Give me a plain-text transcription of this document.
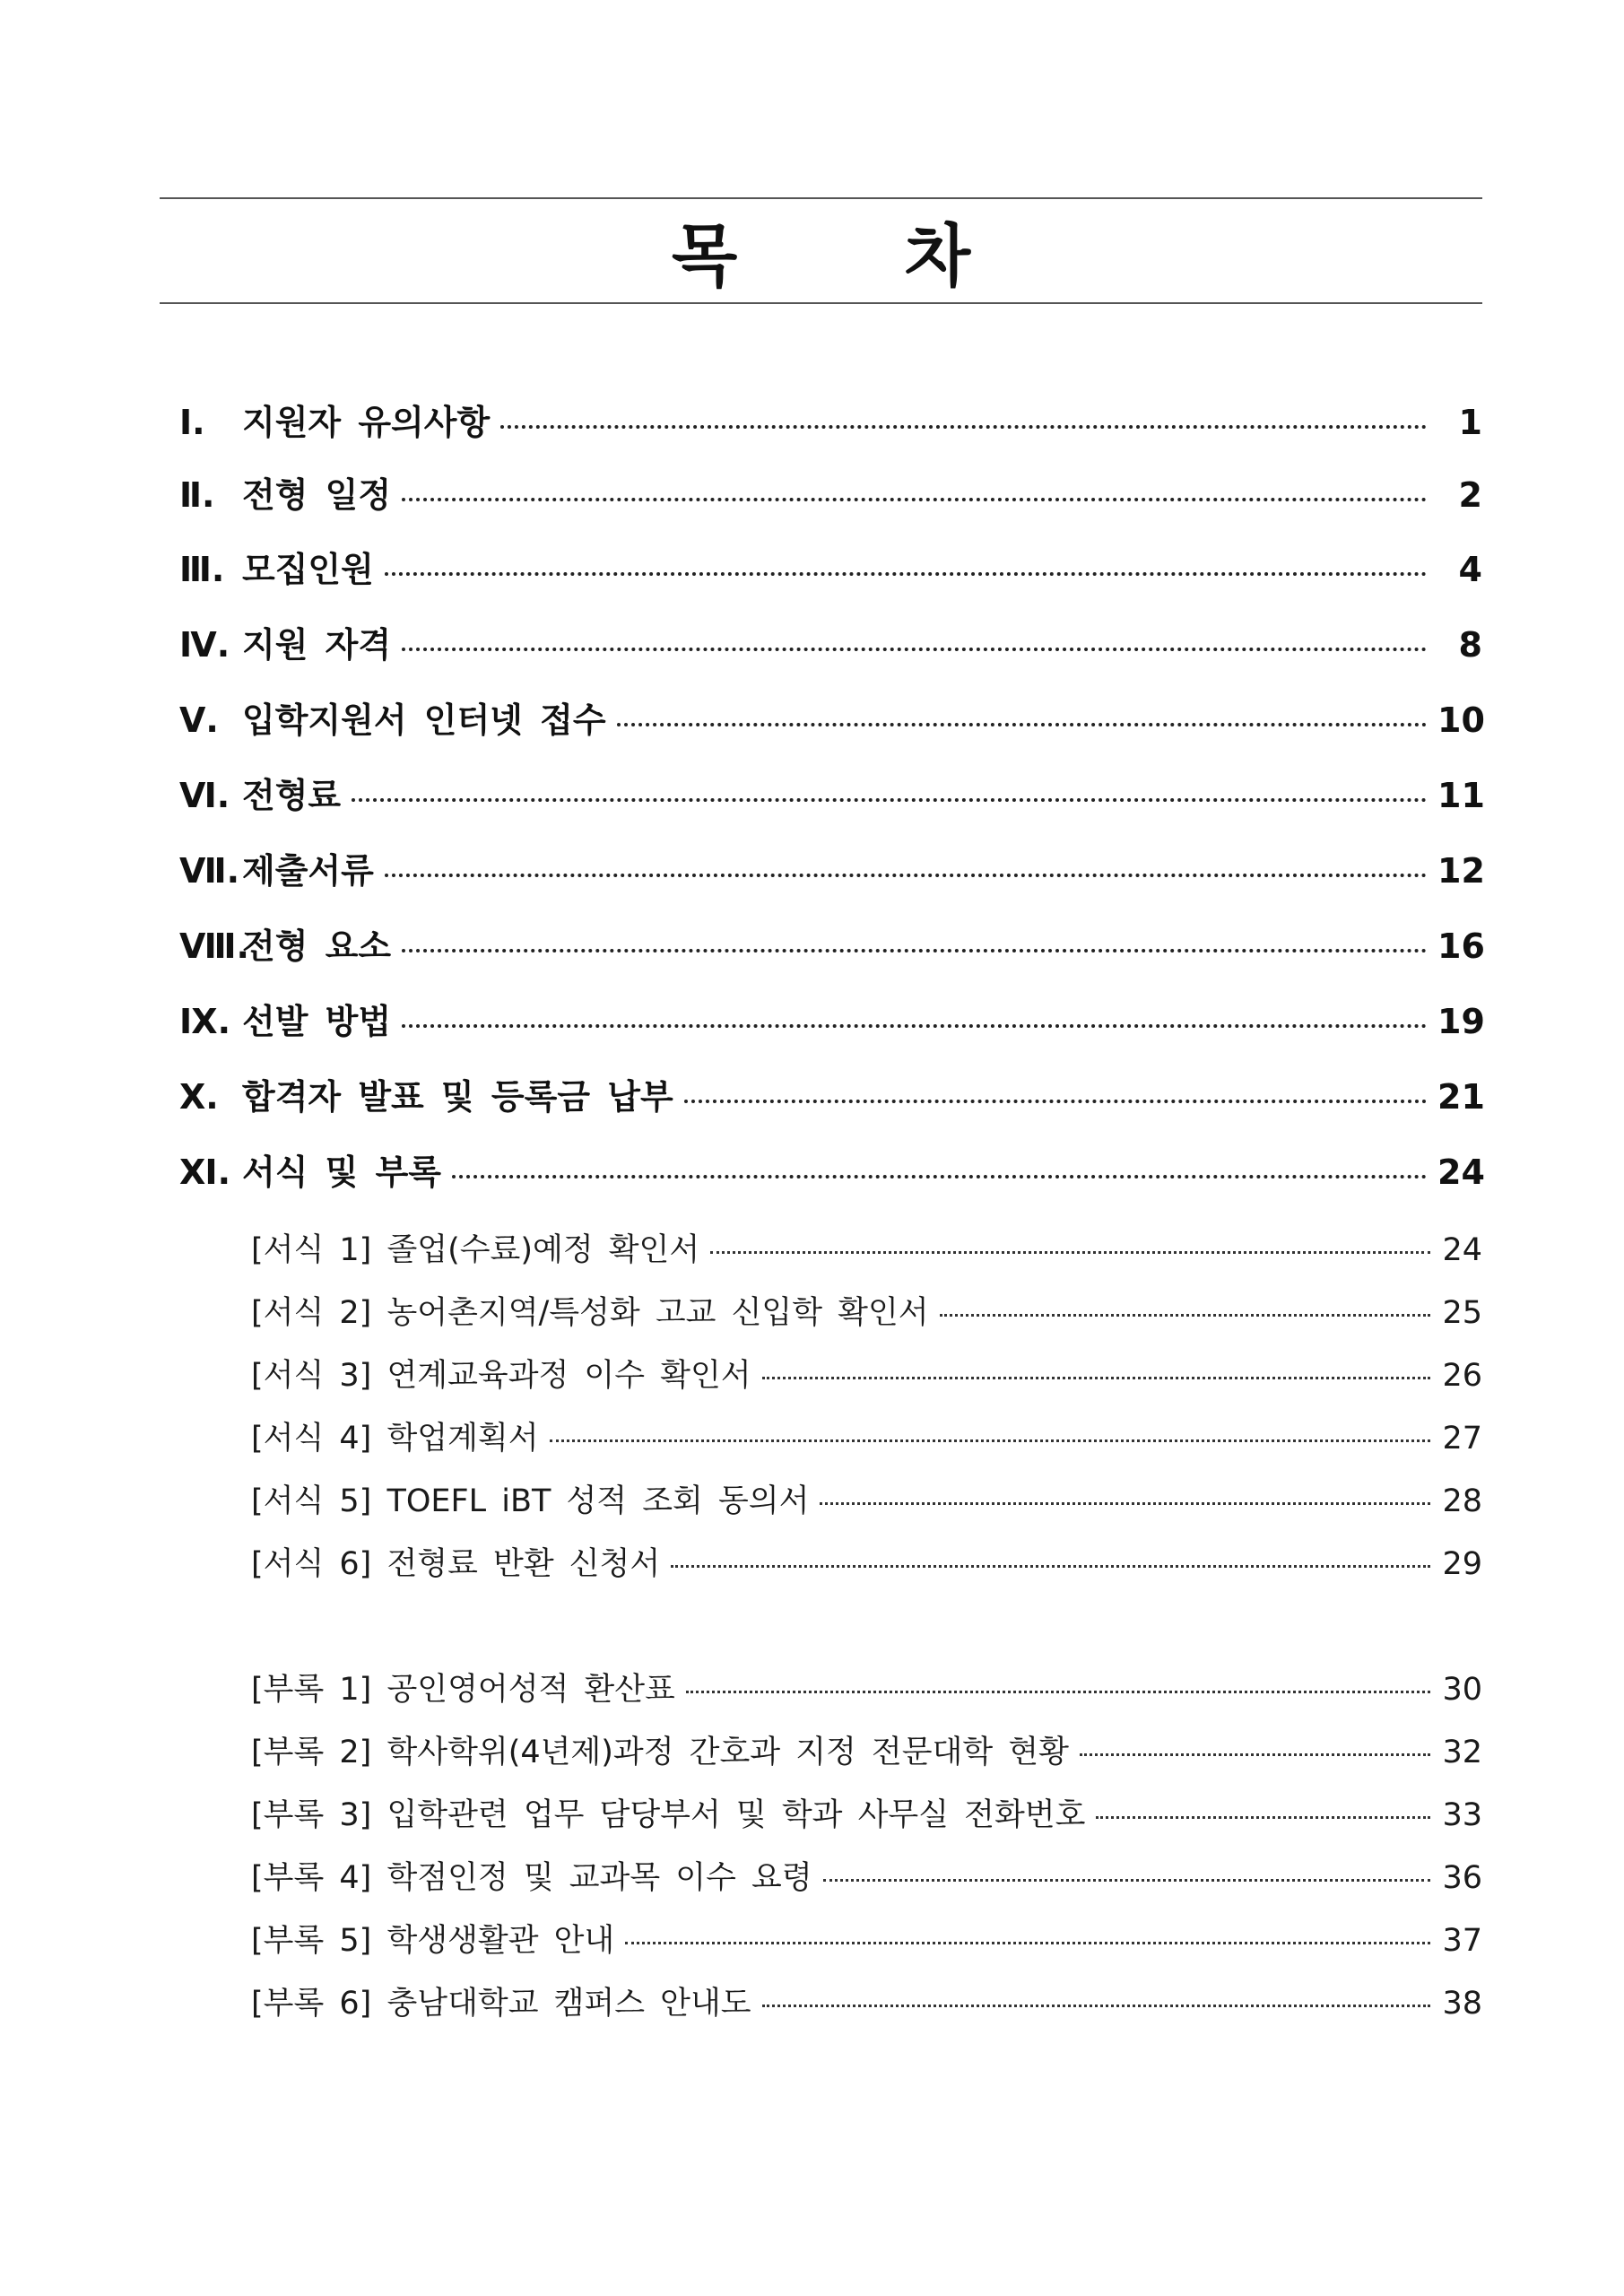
목 차
Ⅰ. 지원자 유의사항	1
Ⅱ. 전형 일정	2
Ⅲ. 모집인원	4
Ⅳ. 지원 자격	8
Ⅴ. 입학지원서 인터넷 접수	10
Ⅵ. 전형료	11
Ⅶ.제출서류	12
Ⅷ.전형 요소	16
Ⅸ. 선발 방법	19
Ⅹ. 합격자 발표 및 등록금 납부	21
Ⅺ. 서식 및 부록	24
[서식 1] 졸업(수료)예정 확인서	24
[서식 2] 농어촌지역/특성화 고교 신입학 확인서	25
[서식 3] 연계교육과정 이수 확인서	26
[서식 4] 학업계획서	27
[서식 5] TOEFL iBT 성적 조회 동의서	28
[서식 6] 전형료 반환 신청서	29
[부록 1] 공인영어성적 환산표	30
[부록 2] 학사학위(4년제)과정 간호과 지정 전문대학 현황	32
[부록 3] 입학관련 업무 담당부서 및 학과 사무실 전화번호	33
[부록 4] 학점인정 및 교과목 이수 요령	36
[부록 5] 학생생활관 안내	37
[부록 6] 충남대학교 캠퍼스 안내도	38
